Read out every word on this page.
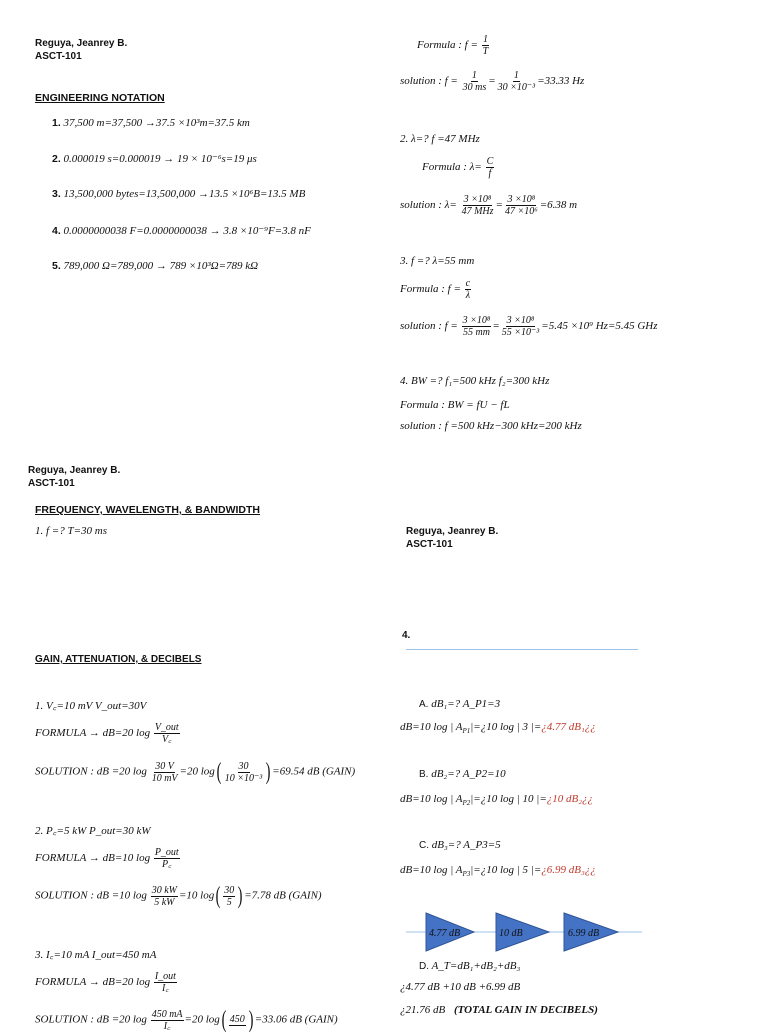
Reguya, Jeanrey B.
ASCT-101
ENGINEERING NOTATION
1. 37,500 m=37,500 →37.5 ×10³m=37.5 km
2. 0.000019 s=0.000019 → 19 × 10⁻⁶s=19 μs
3. 13,500,000 bytes=13,500,000 →13.5 ×10⁶B=13.5 MB
4. 0.0000000038 F=0.0000000038 → 3.8 ×10⁻⁹F=3.8 nF
5. 789,000 Ω=789,000 → 789 ×10³Ω=789 kΩ
Formula : $f = \frac{1}{T}$
solution : $f = \frac{1}{30 ms} = \frac{1}{\text{30 ×10⁻³}} =33.33$ Hz
2. λ=? f =47 MHz
Formula : $\lambda= \frac{C}{f}$
solution : $\lambda= \frac{\text{3 ×10⁸}}{\text{47 MHz}} = \frac{\text{3 ×10⁸}}{\text{47 ×10⁶}} =6.38$ m
3. f =? λ=55 mm
Formula : $f = \frac{c}{\lambda}$
solution : $f = \frac{\text{3 ×10⁸}}{55 mm} = \frac{\text{3 ×10⁸}}{\text{55 ×10⁻³}} =5.45 \times 10^9$ Hz=5.45 GHz
4. BW =? f₁=500 kHz f₂=300 kHz
Formula : BW = fU − fL
solution : f =500 kHz−300 kHz=200 kHz
Reguya, Jeanrey B.
ASCT-101
FREQUENCY, WAVELENGTH, & BANDWIDTH
1. f =? T=30 ms	Reguya, Jeanrey B.
ASCT-101
GAIN, ATTENUATION, & DECIBELS
1. V꜀=10 mV V_out=30V
FORMULA → dB=20 $\log \frac{\text{V\_out}}{V꜀}$
SOLUTION : dB =20 $\log \frac{30 V}{10 mV} =20$ $\log( \frac{30}{\text{10 ×10⁻³}}$ ) =69.54 dB (GAIN)
2. P꜀=5 kW P_out=30 kW
FORMULA → dB=10 $\log \frac{\text{P\_out}}{P꜀}$
SOLUTION : dB =10 $\log \frac{30 kW}{5 kW} =10$ $\log( \frac{30}{5}$ ) =7.78 dB (GAIN)
3. I꜀=10 mA I_out=450 mA
FORMULA → dB=20 $\log \frac{\text{I\_out}}{I꜀}$
SOLUTION : dB =20 $\log \frac{450 mA}{I꜀} =20$ log( 450 ) =33.06 dB (GAIN)
4.
A. dB₁=? A_P1=3
dB=10 log | $A_{P1}|=¿10$ log | 3 |=¿4.77 dB₁¿¿
B. dB₂=? A_P2=10
dB=10 log | $A_{P2}|=¿10$ log | 10 |=¿10 dB₂¿¿
C. dB₃=? A_P3=5
dB=10 log | $A_{P3}|=¿10$ log | 5 |=¿6.99 dB₃¿¿
4.77 dB	10 dB	6.99 dB
D. A_T=dB₁+dB₂+dB₃
¿4.77 dB +10 dB +6.99 dB
¿21.76 dB (TOTAL GAIN IN DECIBELS)
